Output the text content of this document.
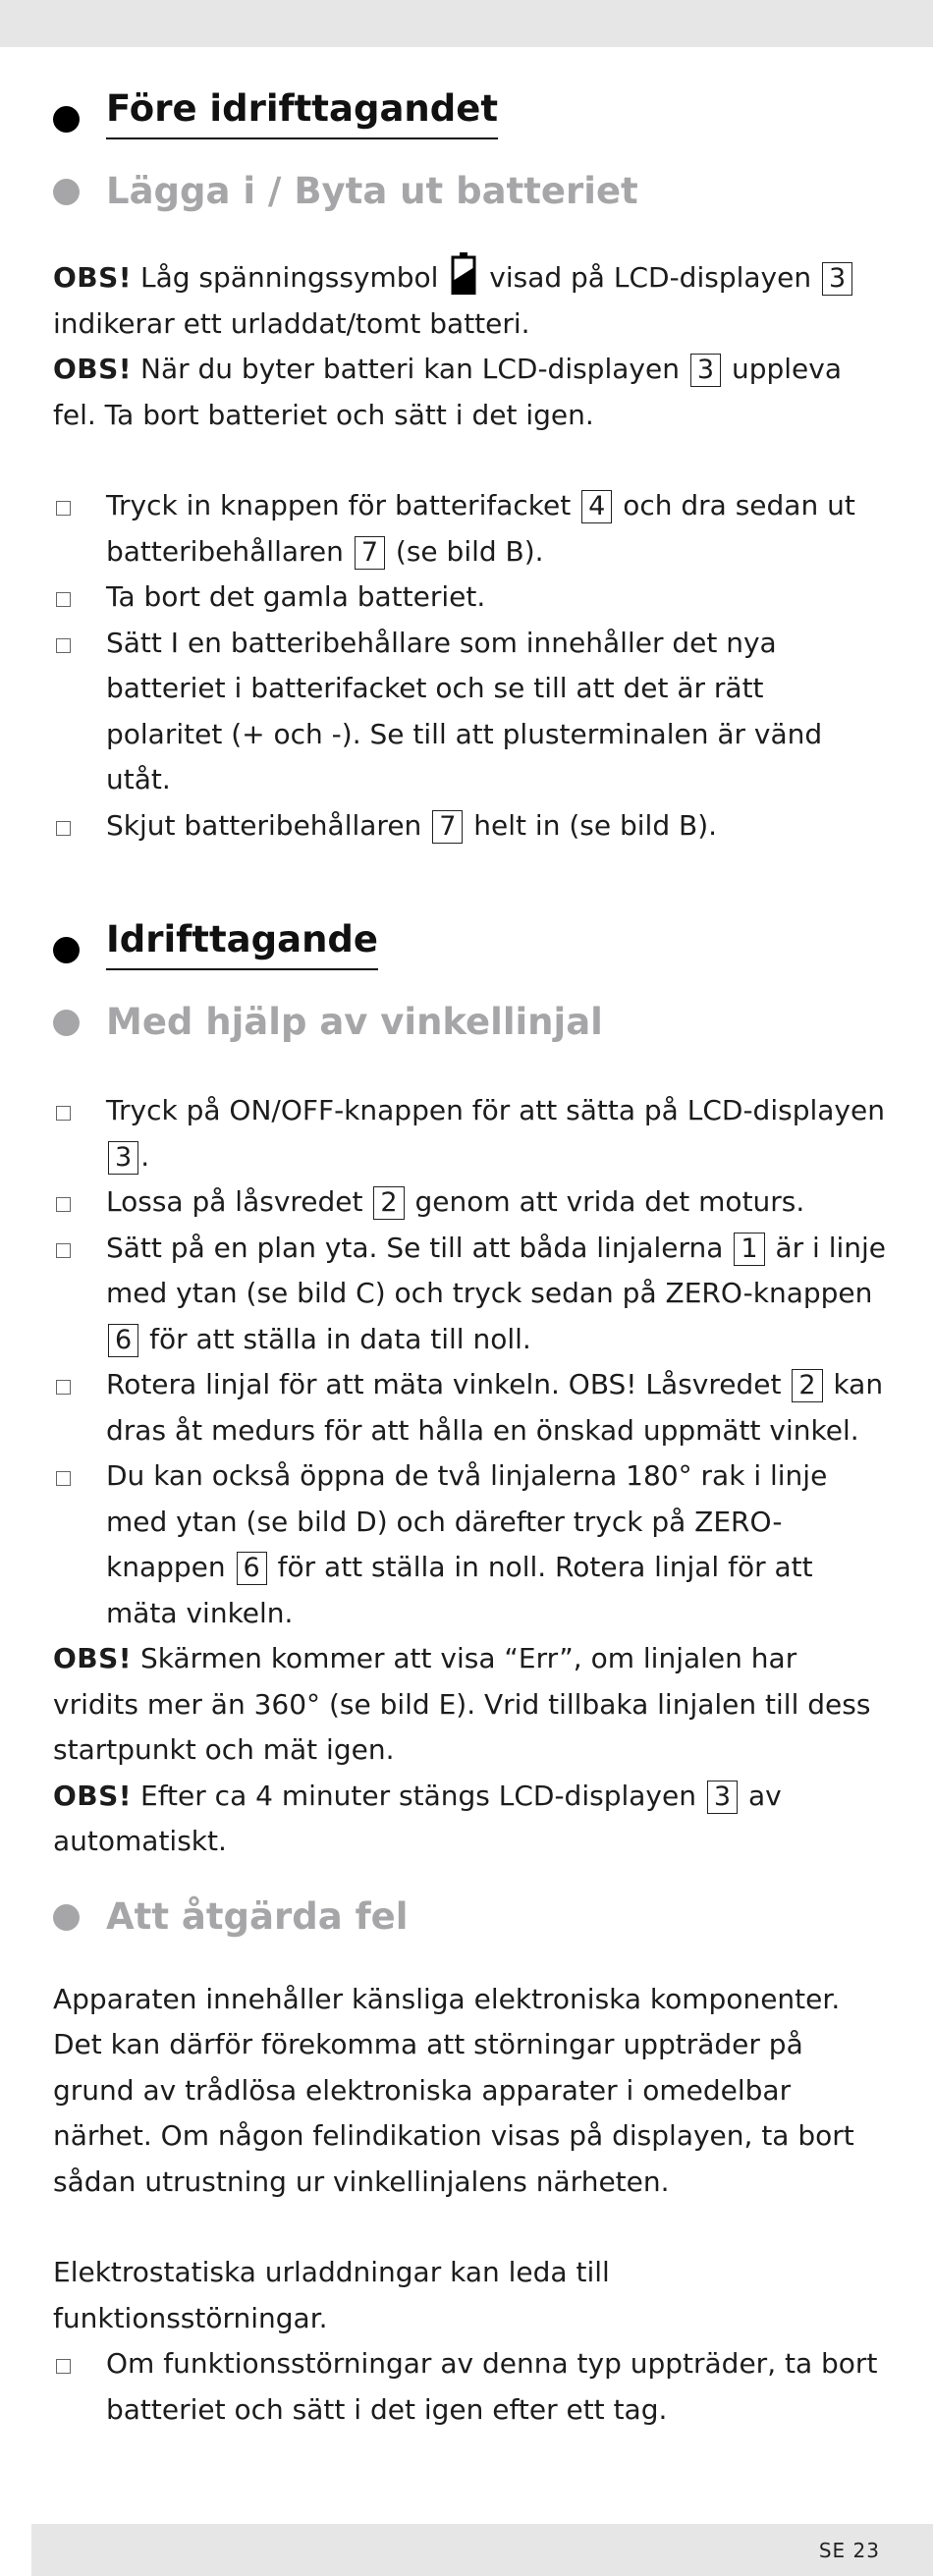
Före idrifttagandet
Lägga i / Byta ut batteriet

OBS! Låg spänningssymbol visad på LCD-displayen 3 indikerar ett urladdat/tomt batteri.

OBS! När du byter batteri kan LCD-displayen 3 uppleva fel. Ta bort batteriet och sätt i det igen.

Tryck in knappen för batterifacket 4 och dra sedan ut batteribehållaren 7 (se bild B).
Ta bort det gamla batteriet.
Sätt I en batteribehållare som innehåller det nya batteriet i batterifacket och se till att det är rätt polaritet (+ och -). Se till att plusterminalen är vänd utåt.
Skjut batteribehållaren 7 helt in (se bild B).
Idrifttagande
Med hjälp av vinkellinjal
Tryck på ON/OFF-knappen för att sätta på LCD-displayen 3 .
Lossa på låsvredet 2 genom att vrida det moturs.
Sätt på en plan yta. Se till att båda linjalerna 1 är i linje med ytan (se bild C) och tryck sedan på ZERO-knappen 6 för att ställa in data till noll.
Rotera linjal för att mäta vinkeln. OBS! Låsvredet 2 kan dras åt medurs för att hålla en önskad uppmätt vinkel.
Du kan också öppna de två linjalerna 180° rak i linje med ytan (se bild D) och därefter tryck på ZERO-knappen 6 för att ställa in noll. Rotera linjal för att mäta vinkeln.

OBS! Skärmen kommer att visa “Err”, om linjalen har vridits mer än 360° (se bild E). Vrid tillbaka linjalen till dess startpunkt och mät igen.

OBS! Efter ca 4 minuter stängs LCD-displayen 3 av automatiskt.

Att åtgärda fel

Apparaten innehåller känsliga elektroniska komponenter. Det kan därför förekomma att störningar uppträder på grund av trådlösa elektroniska apparater i omedelbar närhet. Om någon felindikation visas på displayen, ta bort sådan utrustning ur vinkellinjalens närheten.

Elektrostatiska urladdningar kan leda till funktionsstörningar.

Om funktionsstörningar av denna typ uppträder, ta bort batteriet och sätt i det igen efter ett tag.
SE 23
